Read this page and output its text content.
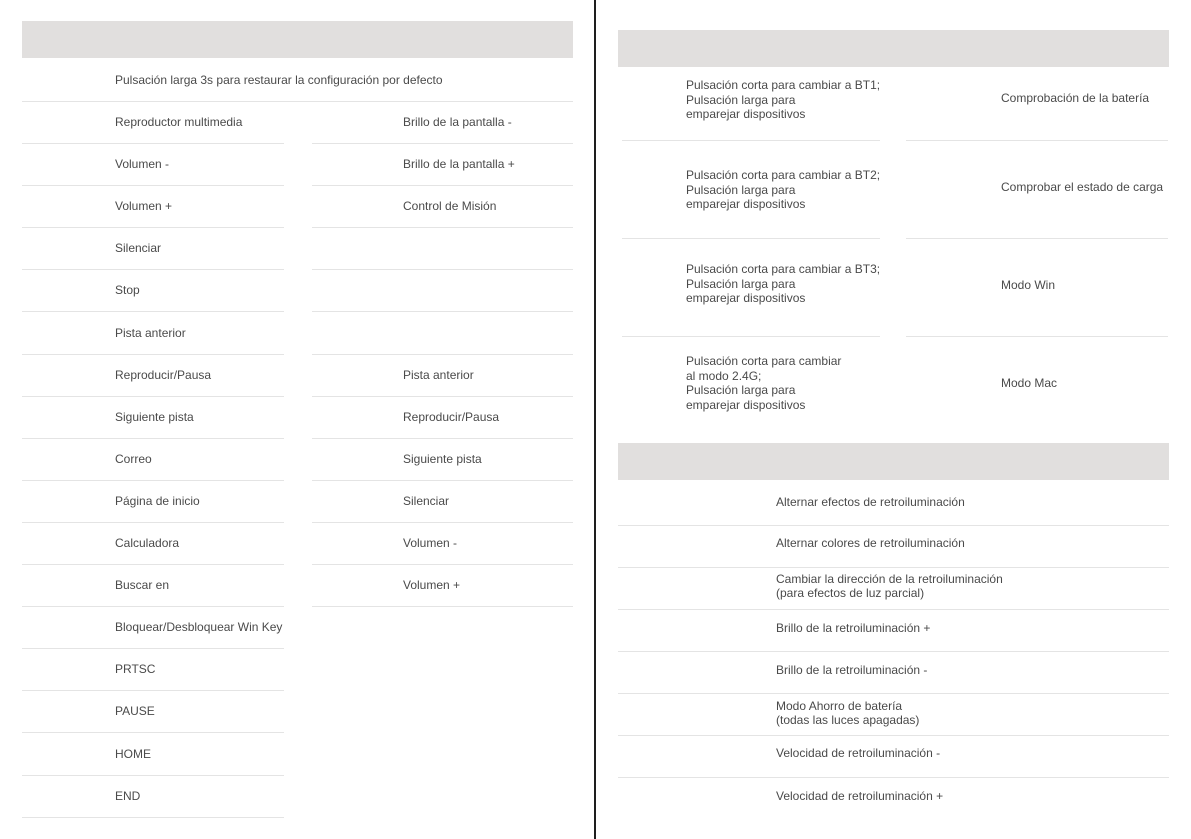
Pulsación larga 3s para restaurar la configuración por defecto
Reproductor multimedia
Volumen -
Volumen +
Silenciar
Stop
Pista anterior
Reproducir/Pausa
Siguiente pista
Correo
Página de inicio
Calculadora
Buscar en
Bloquear/Desbloquear Win Key
PRTSC
PAUSE
HOME
END
Brillo de la pantalla -
Brillo de la pantalla +
Control de Misión
Pista anterior
Reproducir/Pausa
Siguiente pista
Silenciar
Volumen -
Volumen +
Pulsación corta para cambiar a BT1;
Pulsación larga para
emparejar dispositivos
Comprobación de la batería
Pulsación corta para cambiar a BT2;
Pulsación larga para
emparejar dispositivos
Comprobar el estado de carga
Pulsación corta para cambiar a BT3;
Pulsación larga para
emparejar dispositivos
Modo Win
Pulsación corta para cambiar
al modo 2.4G;
Pulsación larga para
emparejar dispositivos
Modo Mac
Alternar efectos de retroiluminación
Alternar colores de retroiluminación
Cambiar la dirección de la retroiluminación
(para efectos de luz parcial)
Brillo de la retroiluminación +
Brillo de la retroiluminación -
Modo Ahorro de batería
(todas las luces apagadas)
Velocidad de retroiluminación -
Velocidad de retroiluminación +
